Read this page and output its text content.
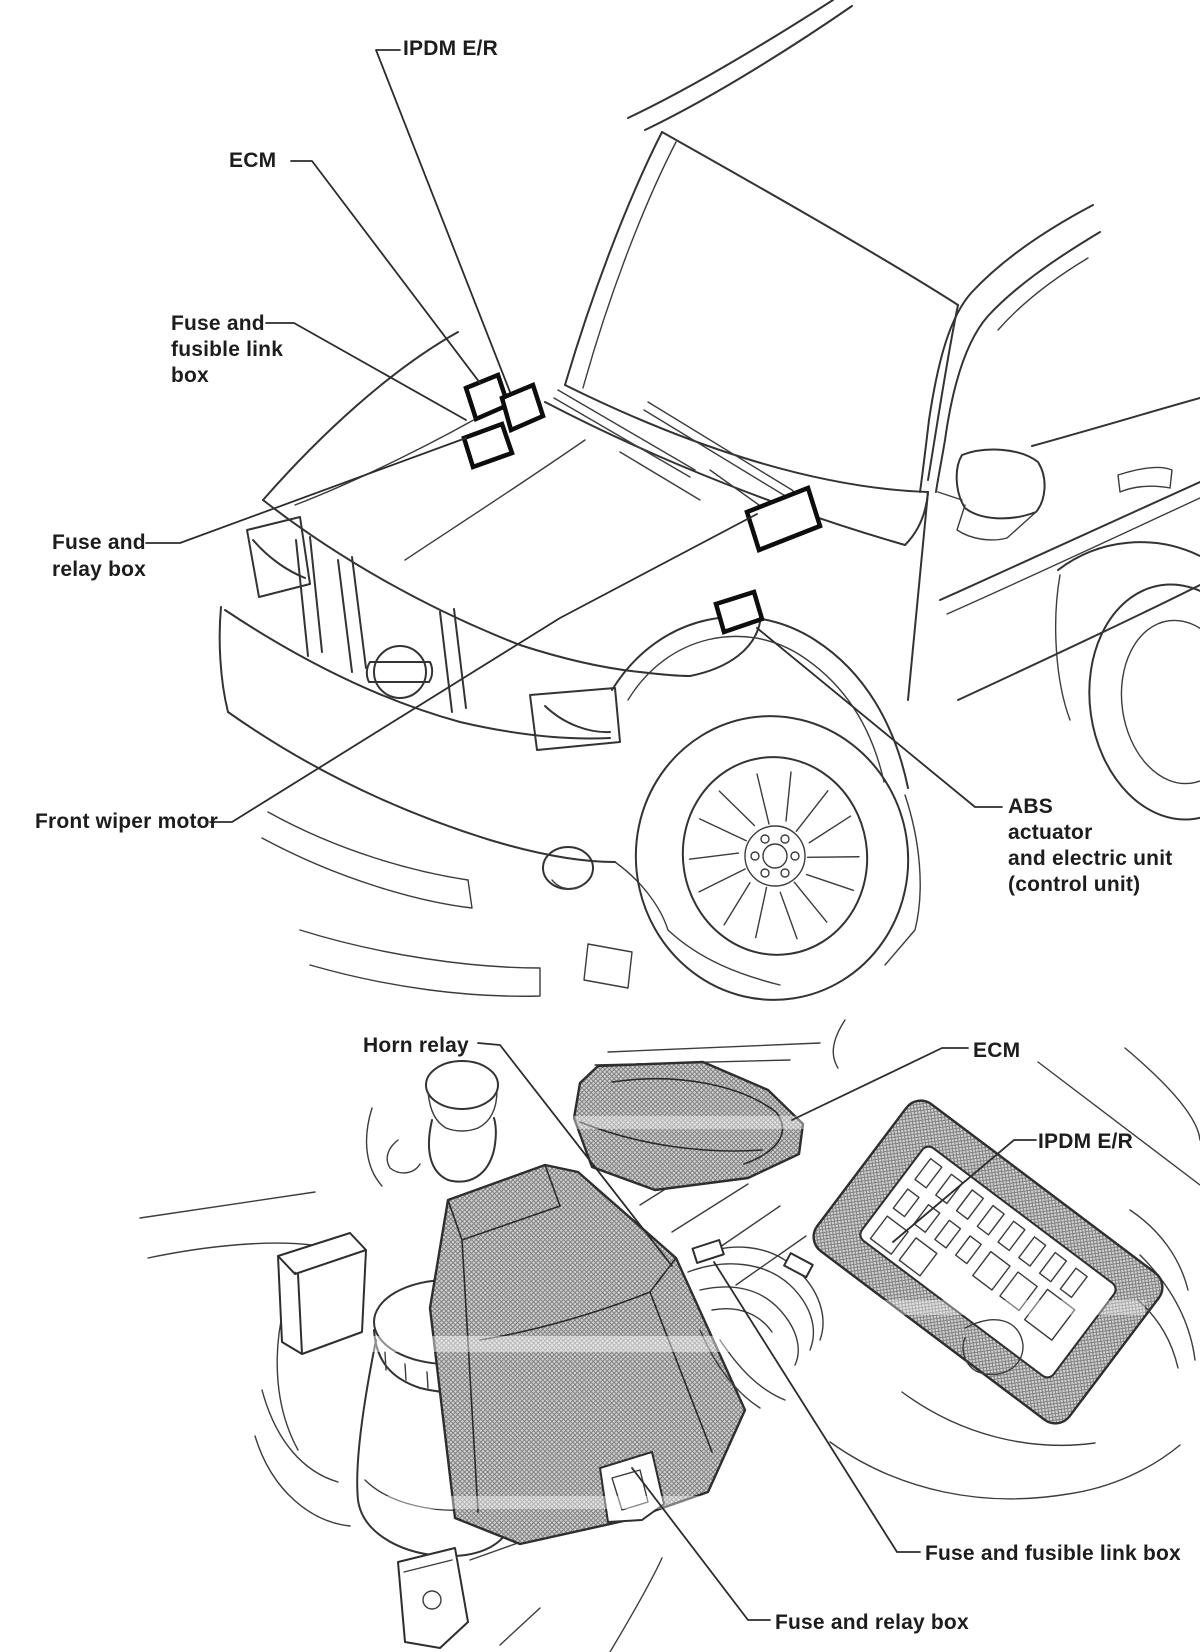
IPDM E/R
ECM
Fuse and fusible link box
Fuse and relay box
Front wiper motor
ABS actuator and electric unit (control unit)
Horn relay	ECM
IPDM E/R
Fuse and fusible link box
Fuse and relay box
